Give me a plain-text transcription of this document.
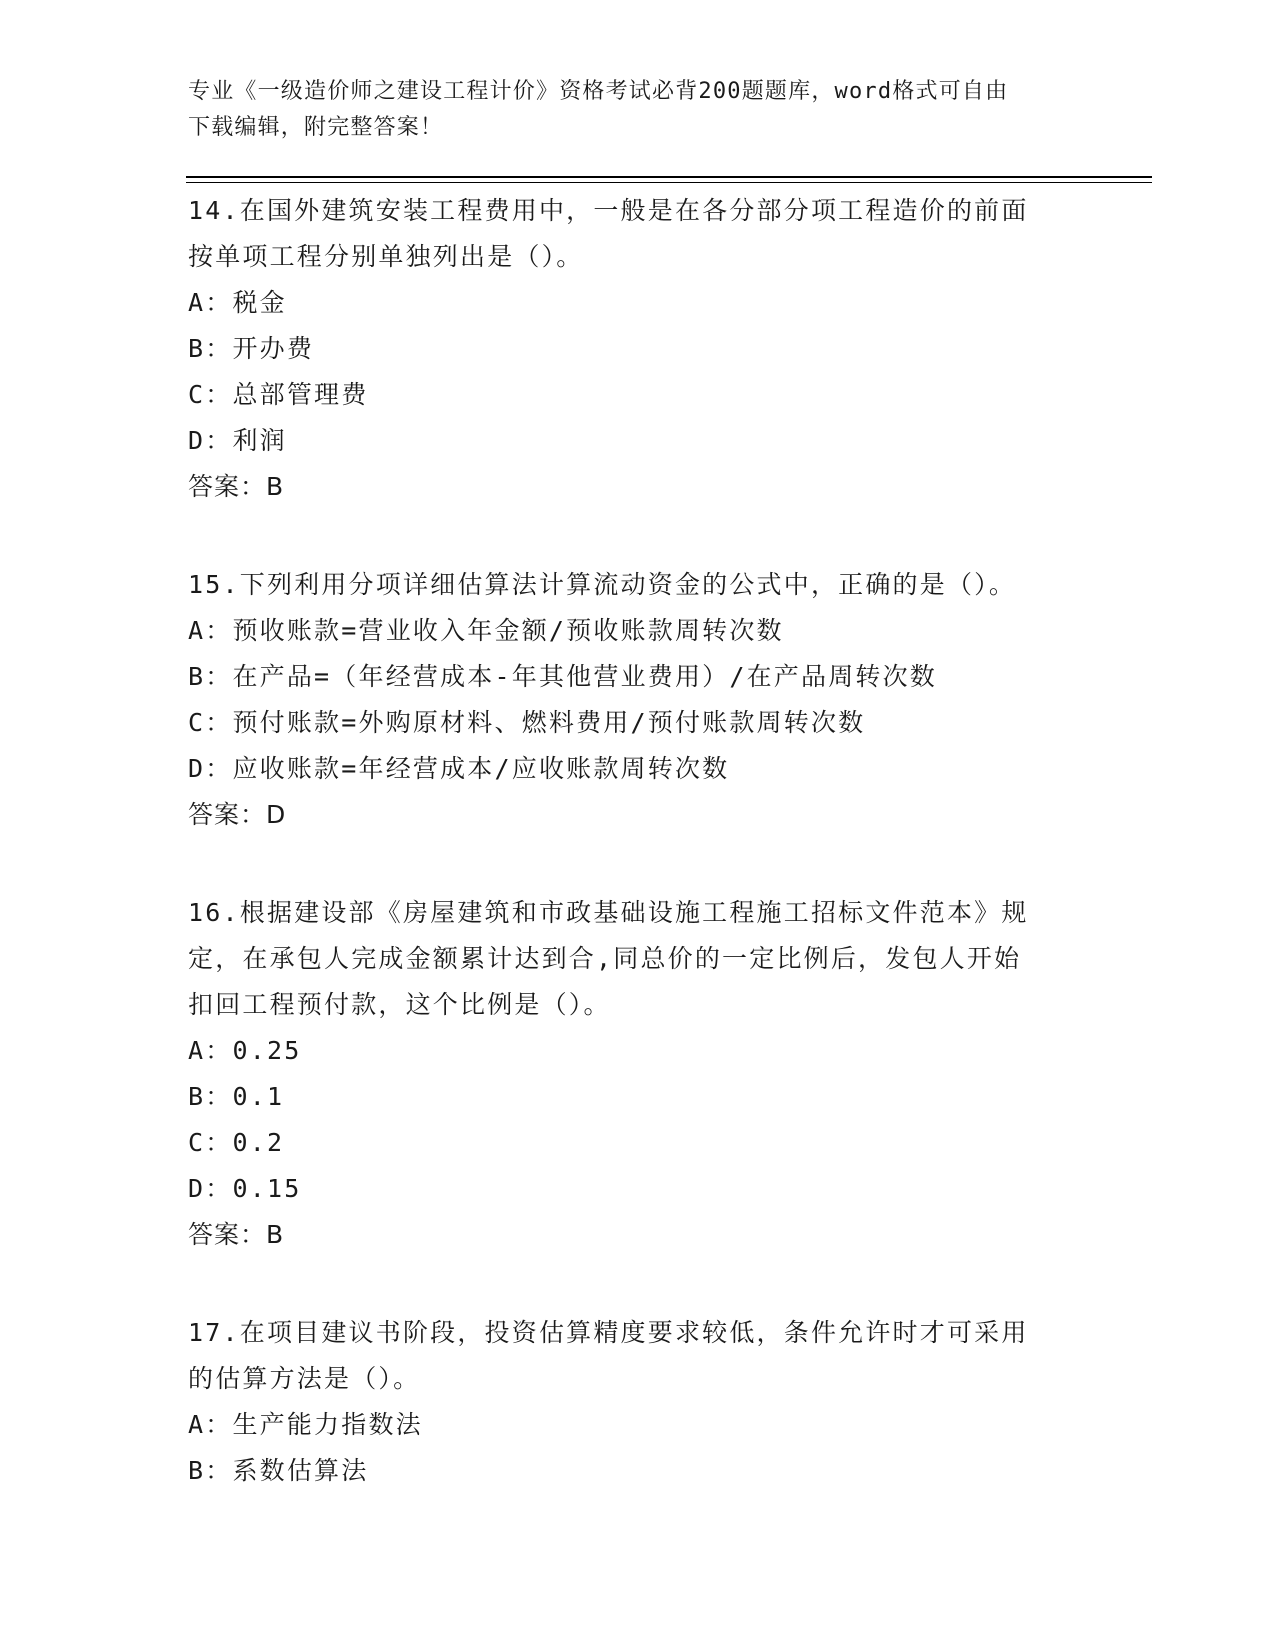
专业《一级造价师之建设工程计价》资格考试必背200题题库，word格式可自由
下载编辑，附完整答案！
14.在国外建筑安装工程费用中，一般是在各分部分项工程造价的前面
按单项工程分别单独列出是（）。
A：税金
B：开办费
C：总部管理费
D：利润
答案：B
15.下列利用分项详细估算法计算流动资金的公式中，正确的是（）。
A：预收账款=营业收入年金额/预收账款周转次数
B：在产品=（年经营成本-年其他营业费用）/在产品周转次数
C：预付账款=外购原材料、燃料费用/预付账款周转次数
D：应收账款=年经营成本/应收账款周转次数
答案：D
16.根据建设部《房屋建筑和市政基础设施工程施工招标文件范本》规
定，在承包人完成金额累计达到合,同总价的一定比例后，发包人开始
扣回工程预付款，这个比例是（）。
A：0.25
B：0.1
C：0.2
D：0.15
答案：B
17.在项目建议书阶段，投资估算精度要求较低，条件允许时才可采用
的估算方法是（）。
A：生产能力指数法
B：系数估算法
